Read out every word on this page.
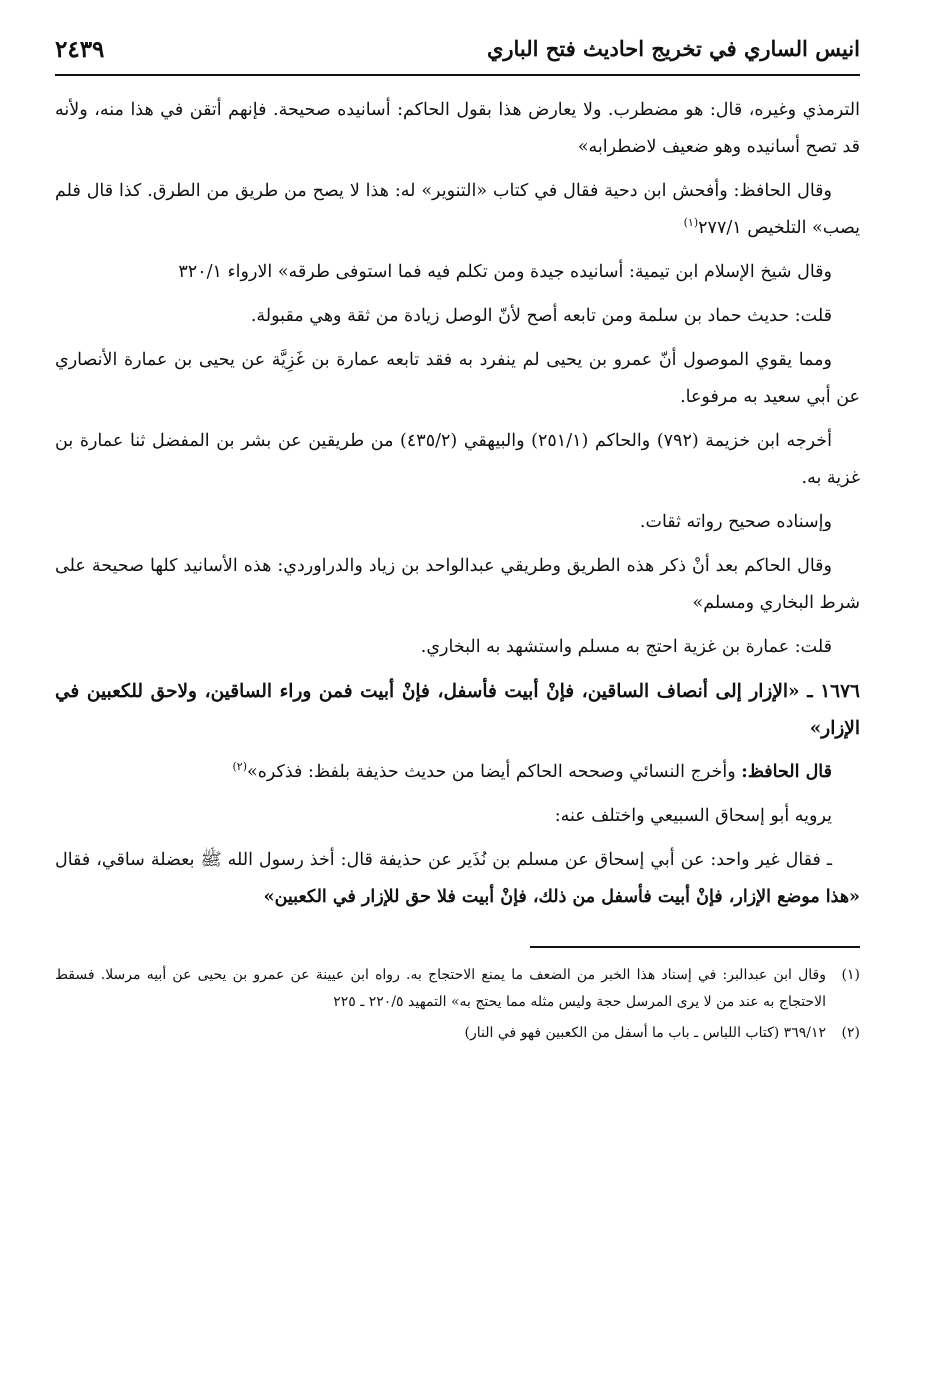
انيس الساري في تخريج احاديث فتح الباري
٢٤٣٩

الترمذي وغيره، قال: هو مضطرب. ولا يعارض هذا بقول الحاكم: أسانيده صحيحة. فإنهم أتقن في هذا منه، ولأنه قد تصح أسانيده وهو ضعيف لاضطرابه»

وقال الحافظ: وأفحش ابن دحية فقال في كتاب «التنوير» له: هذا لا يصح من طريق من الطرق. كذا قال فلم يصب» التلخيص ٢٧٧/١$^{(١)}$

وقال شيخ الإسلام ابن تيمية: أسانيده جيدة ومن تكلم فيه فما استوفى طرقه» الارواء ٣٢٠/١

قلت: حديث حماد بن سلمة ومن تابعه أصح لأنّ الوصل زيادة من ثقة وهي مقبولة.

ومما يقوي الموصول أنّ عمرو بن يحيى لم ينفرد به فقد تابعه عمارة بن غَزِيَّة عن يحيى بن عمارة الأنصاري عن أبي سعيد به مرفوعا.

أخرجه ابن خزيمة (٧٩٢) والحاكم (٢٥١/١) والبيهقي (٤٣٥/٢) من طريقين عن بشر بن المفضل ثنا عمارة بن غزية به.

وإسناده صحيح رواته ثقات.

وقال الحاكم بعد أنْ ذكر هذه الطريق وطريقي عبدالواحد بن زياد والدراوردي: هذه الأسانيد كلها صحيحة على شرط البخاري ومسلم»

قلت: عمارة بن غزية احتج به مسلم واستشهد به البخاري.

١٦٧٦ ـ «الإزار إلى أنصاف الساقين، فإنْ أبيت فأسفل، فإنْ أبيت فمن وراء الساقين، ولاحق للكعبين في الإزار»

قال الحافظ: وأخرج النسائي وصححه الحاكم أيضا من حديث حذيفة بلفظ: فذكره»$^{(٢)}$

يرويه أبو إسحاق السبيعي واختلف عنه:

ـ فقال غير واحد: عن أبي إسحاق عن مسلم بن نُذَير عن حذيفة قال: أخذ رسول الله ﷺ بعضلة ساقي، فقال «هذا موضع الإزار، فإنْ أبيت فأسفل من ذلك، فإنْ أبيت فلا حق للإزار في الكعبين»

(١)
وقال ابن عبدالبر: في إسناد هذا الخبر من الضعف ما يمنع الاحتجاج به. رواه ابن عيينة عن عمرو بن يحيى عن أبيه مرسلا. فسقط الاحتجاج به عند من لا يرى المرسل حجة وليس مثله مما يحتج به» التمهيد ٢٢٠/٥ ـ ٢٢٥
(٢)
٣٦٩/١٢ (كتاب اللباس ـ باب ما أسفل من الكعبين فهو في النار)
